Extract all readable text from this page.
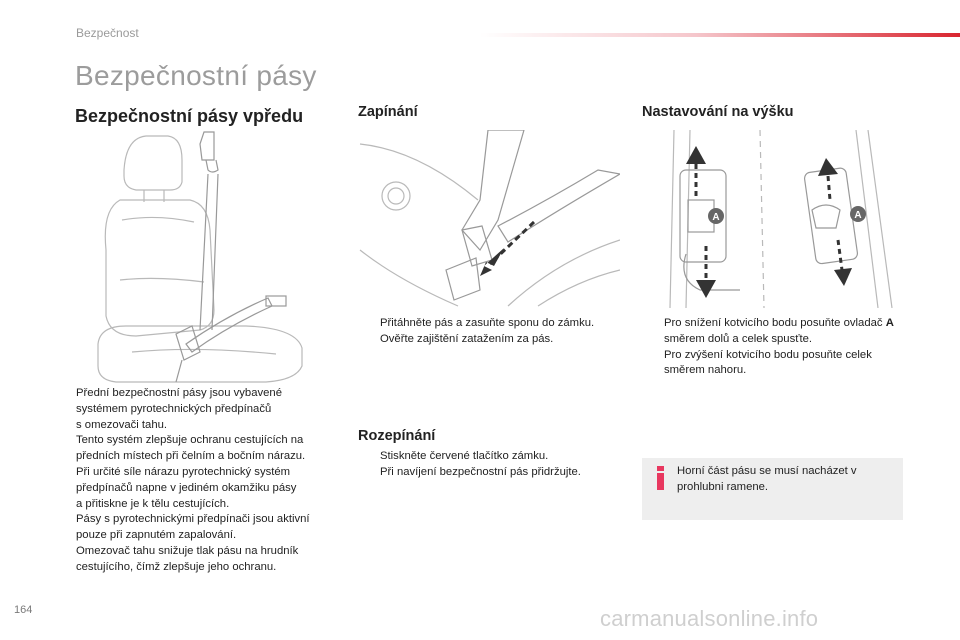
Bezpečnost
Bezpečnostní pásy
Bezpečnostní pásy vpředu

Přední bezpečnostní pásy jsou vybavené

systémem pyrotechnických předpínačů

s omezovači tahu.

Tento systém zlepšuje ochranu cestujících na

předních místech při čelním a bočním nárazu.

Při určité síle nárazu pyrotechnický systém

předpínačů napne v jediném okamžiku pásy

a přitiskne je k tělu cestujících.

Pásy s pyrotechnickými předpínači jsou aktivní

pouze při zapnutém zapalování.

Omezovač tahu snižuje tlak pásu na hrudník

cestujícího, čímž zlepšuje jeho ochranu.

Zapínání
Přitáhněte pás a zasuňte sponu do zámku.
Ověřte zajištění zatažením za pás.
Rozepínání
Stiskněte červené tlačítko zámku.
Při navíjení bezpečnostní pás přidržujte.
Nastavování na výšku
A	A
Pro snížení kotvicího bodu posuňte ovladač A směrem dolů a celek spusťte.
Pro zvýšení kotvicího bodu posuňte celek směrem nahoru.
Horní část pásu se musí nacházet v prohlubni ramene.
164	carmanualsonline.info
